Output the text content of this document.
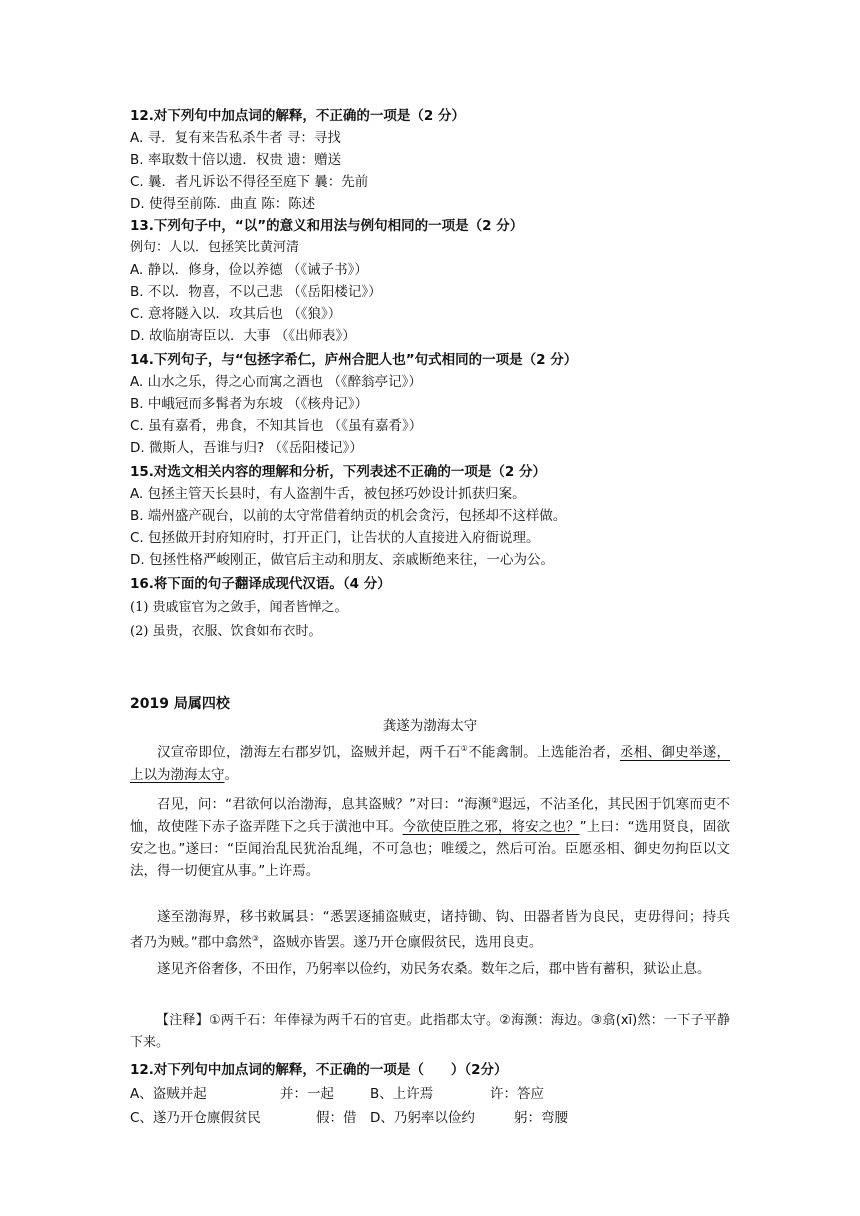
12.对下列句中加点词的解释，不正确的一项是（2 分）
A. 寻．复有来告私杀牛者 寻：寻找
B. 率取数十倍以遗．权贵 遗：赠送
C. 曩．者凡诉讼不得径至庭下 曩：先前
D. 使得至前陈．曲直 陈：陈述
13.下列句子中，“以”的意义和用法与例句相同的一项是（2 分）
例句：人以．包拯笑比黄河清
A. 静以．修身，俭以养德 （《诫子书》）
B. 不以．物喜，不以己悲 （《岳阳楼记》）
C. 意将隧入以．攻其后也 （《狼》）
D. 故临崩寄臣以．大事 （《出师表》）
14.下列句子，与“包拯字希仁，庐州合肥人也”句式相同的一项是（2 分）
A. 山水之乐，得之心而寓之酒也 （《醉翁亭记》）
B. 中峨冠而多髯者为东坡 （《核舟记》）
C. 虽有嘉肴，弗食，不知其旨也 （《虽有嘉肴》）
D. 微斯人，吾谁与归? （《岳阳楼记》）
15.对选文相关内容的理解和分析，下列表述不正确的一项是（2 分）
A. 包拯主管天长县时，有人盗割牛舌，被包拯巧妙设计抓获归案。
B. 端州盛产砚台，以前的太守常借着纳贡的机会贪污，包拯却不这样做。
C. 包拯做开封府知府时，打开正门，让告状的人直接进入府衙说理。
D. 包拯性格严峻刚正，做官后主动和朋友、亲戚断绝来往，一心为公。
16.将下面的句子翻译成现代汉语。（4 分）
(1) 贵戚宦官为之敛手，闻者皆惮之。
(2) 虽贵，衣服、饮食如布衣时。
2019 局属四校
龚遂为渤海太守
汉宣帝即位，渤海左右郡岁饥，盗贼并起，两千石①不能禽制。上选能治者，丞相、御史举遂，上以为渤海太守。
召见，问：“君欲何以治渤海，息其盗贼？”对曰：“海濒②遐远，不沾圣化，其民困于饥寒而吏不恤，故使陛下赤子盗弄陛下之兵于潢池中耳。今欲使臣胜之邪，将安之也？”上曰：“选用贤良，固欲安之也。”遂曰：“臣闻治乱民犹治乱绳，不可急也；唯缓之，然后可治。臣愿丞相、御史勿拘臣以文法，得一切便宜从事。”上许焉。
遂至渤海界，移书敕属县：“悉罢逐捕盗贼吏，诸持锄、钩、田器者皆为良民，吏毋得问；持兵者乃为贼。”郡中翕然③，盗贼亦皆罢。遂乃开仓廪假贫民，选用良吏。
遂见齐俗奢侈，不田作，乃躬率以俭约，劝民务农桑。数年之后，郡中皆有蓄积，狱讼止息。
【注释】①两千石：年俸禄为两千石的官吏。此指郡太守。②海濒：海边。③翕(xī)然：一下子平静下来。
12.对下列句中加点词的解释，不正确的一项是（　　）（2分）
A、盗贼并起	并：一起	B、上许焉	许：答应
C、遂乃开仓廪假贫民	假：借 D、乃躬率以俭约	躬：弯腰
